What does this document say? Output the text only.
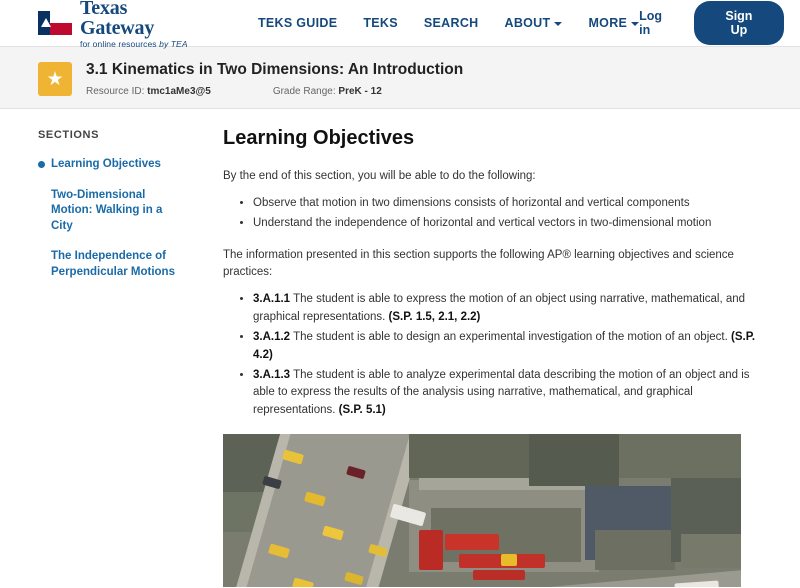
Texas Gateway
for online resources by TEA
TEKS GUIDE TEKS SEARCH ABOUT	MORE Log in
Sign Up
★ 3.1 Kinematics in Two Dimensions: An Introduction
Resource ID: tmc1aMe3@5	Grade Range: PreK - 12
SECTIONS
Learning Objectives
Two-Dimensional Motion: Walking in a City
The Independence of Perpendicular Motions
Learning Objectives

By the end of this section, you will be able to do the following:

• Observe that motion in two dimensions consists of horizontal and vertical components
• Understand the independence of horizontal and vertical vectors in two-dimensional motion

The information presented in this section supports the following AP® learning objectives and science practices:

• 3.A.1.1 The student is able to express the motion of an object using narrative, mathematical, and graphical representations. (S.P. 1.5, 2.1, 2.2)
• 3.A.1.2 The student is able to design an experimental investigation of the motion of an object. (S.P. 4.2)
• 3.A.1.3 The student is able to analyze experimental data describing the motion of an object and is able to express the results of the analysis using narrative, mathematical, and graphical representations. (S.P. 5.1)
